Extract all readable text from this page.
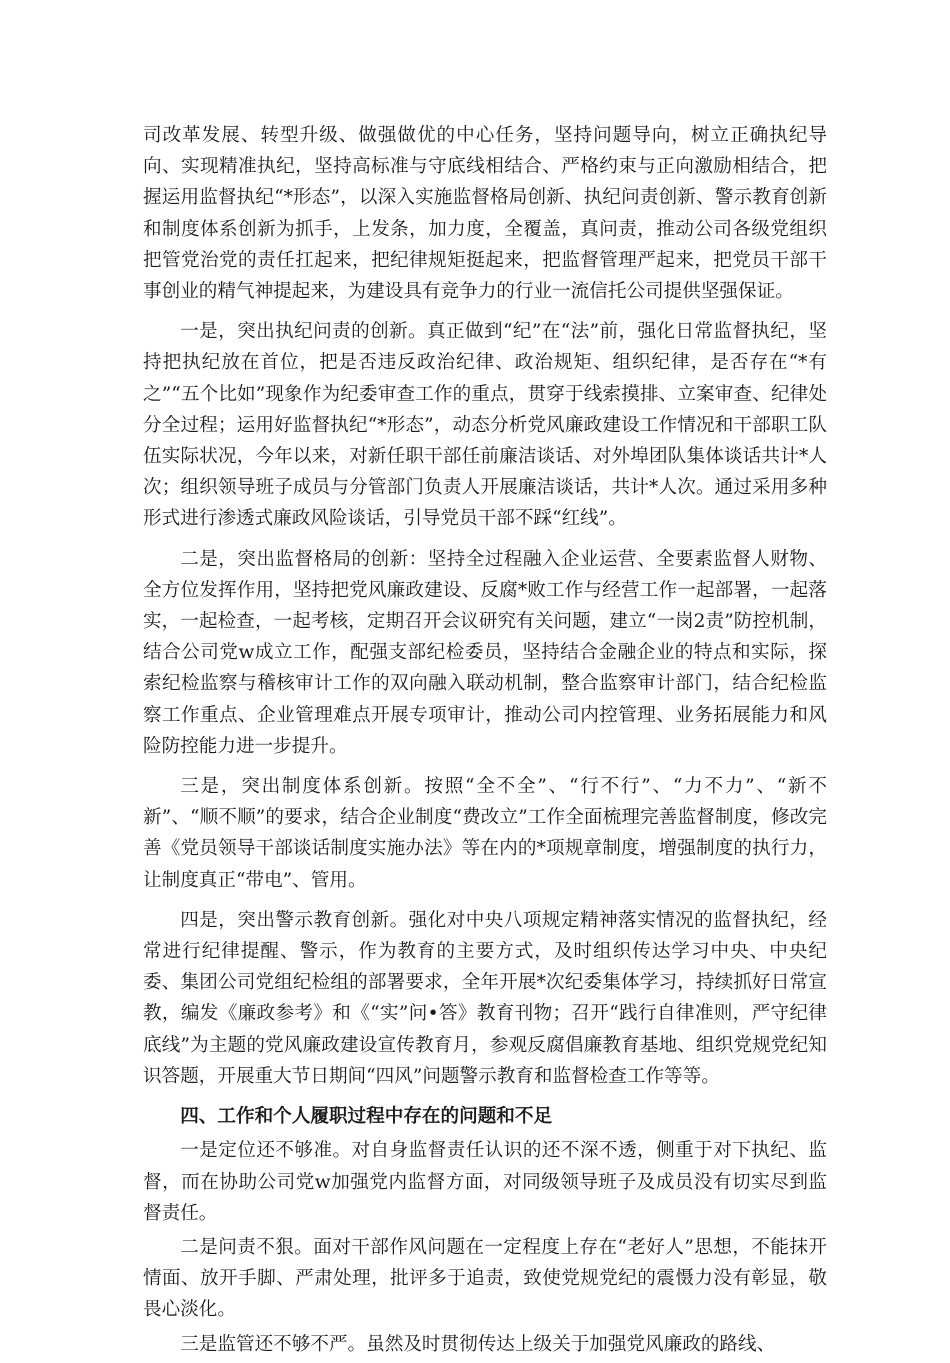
司改革发展、转型升级、做强做优的中心任务，坚持问题导向，树立正确执纪导向、实现精准执纪，坚持高标准与守底线相结合、严格约束与正向激励相结合，把握运用监督执纪“*形态”，以深入实施监督格局创新、执纪问责创新、警示教育创新和制度体系创新为抓手，上发条，加力度，全覆盖，真问责，推动公司各级党组织把管党治党的责任扛起来，把纪律规矩挺起来，把监督管理严起来，把党员干部干事创业的精气神提起来，为建设具有竞争力的行业一流信托公司提供坚强保证。

一是，突出执纪问责的创新。真正做到“纪”在“法”前，强化日常监督执纪，坚持把执纪放在首位，把是否违反政治纪律、政治规矩、组织纪律，是否存在“*有之”“五个比如”现象作为纪委审查工作的重点，贯穿于线索摸排、立案审查、纪律处分全过程；运用好监督执纪“*形态”，动态分析党风廉政建设工作情况和干部职工队伍实际状况，今年以来，对新任职干部任前廉洁谈话、对外埠团队集体谈话共计*人次；组织领导班子成员与分管部门负责人开展廉洁谈话，共计*人次。通过采用多种形式进行渗透式廉政风险谈话，引导党员干部不踩“红线”。

二是，突出监督格局的创新：坚持全过程融入企业运营、全要素监督人财物、全方位发挥作用，坚持把党风廉政建设、反腐*败工作与经营工作一起部署，一起落实，一起检查，一起考核，定期召开会议研究有关问题，建立“一岗2责”防控机制，结合公司党w成立工作，配强支部纪检委员，坚持结合金融企业的特点和实际，探索纪检监察与稽核审计工作的双向融入联动机制，整合监察审计部门，结合纪检监察工作重点、企业管理难点开展专项审计，推动公司内控管理、业务拓展能力和风险防控能力进一步提升。

三是，突出制度体系创新。按照“全不全”、“行不行”、“力不力”、“新不新”、“顺不顺”的要求，结合企业制度“费改立”工作全面梳理完善监督制度，修改完善《党员领导干部谈话制度实施办法》等在内的*项规章制度，增强制度的执行力，让制度真正“带电”、管用。

四是，突出警示教育创新。强化对中央八项规定精神落实情况的监督执纪，经常进行纪律提醒、警示，作为教育的主要方式，及时组织传达学习中央、中央纪委、集团公司党组纪检组的部署要求，全年开展*次纪委集体学习，持续抓好日常宣教，编发《廉政参考》和《“实”问•答》教育刊物；召开“践行自律准则，严守纪律底线”为主题的党风廉政建设宣传教育月，参观反腐倡廉教育基地、组织党规党纪知识答题，开展重大节日期间“四风”问题警示教育和监督检查工作等等。

四、工作和个人履职过程中存在的问题和不足

一是定位还不够准。对自身监督责任认识的还不深不透，侧重于对下执纪、监督，而在协助公司党w加强党内监督方面，对同级领导班子及成员没有切实尽到监督责任。

二是问责不狠。面对干部作风问题在一定程度上存在“老好人”思想，不能抹开情面、放开手脚、严肃处理，批评多于追责，致使党规党纪的震慑力没有彰显，敬畏心淡化。

三是监管还不够不严。虽然及时贯彻传达上级关于加强党风廉政的路线、
